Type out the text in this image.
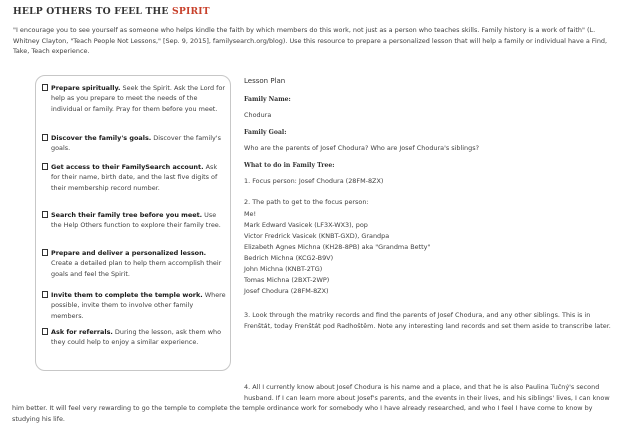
HELP OTHERS TO FEEL THE SPIRIT

"I encourage you to see yourself as someone who helps kindle the faith by which members do this work, not just as a person who teaches skills. Family history is a work of faith" (L. Whitney Clayton, "Teach People Not Lessons," [Sep. 9, 2015], familysearch.org/blog). Use this resource to prepare a personalized lesson that will help a family or individual have a Find, Take, Teach experience.

Prepare spiritually. Seek the Spirit. Ask the Lord for help as you prepare to meet the needs of the individual or family. Pray for them before you meet.
Discover the family's goals. Discover the family's goals.
Get access to their FamilySearch account. Ask for their name, birth date, and the last five digits of their membership record number.
Search their family tree before you meet. Use the Help Others function to explore their family tree.
Prepare and deliver a personalized lesson. Create a detailed plan to help them accomplish their goals and feel the Spirit.
Invite them to complete the temple work. Where possible, invite them to involve other family members.
Ask for referrals. During the lesson, ask them who they could help to enjoy a similar experience.
Lesson Plan
Family Name:
Chodura
Family Goal:
Who are the parents of Josef Chodura? Who are Josef Chodura's siblings?
What to do in Family Tree:
1. Focus person: Josef Chodura (28FM-8ZX)
2. The path to get to the focus person:
Me!
Mark Edward Vasicek (LF3X-WX3), pop
Victor Fredrick Vasicek (KNBT-GXD), Grandpa
Elizabeth Agnes Michna (KH28-8PB) aka "Grandma Betty"
Bedrich Michna (KCG2-B9V)
John Michna (KNBT-2TG)
Tomas Michna (2BXT-2WP)
Josef Chodura (28FM-8ZX)

3. Look through the matriky records and find the parents of Josef Chodura, and any other siblings. This is in Frenštát, today Frenštát pod Radhoštěm. Note any interesting land records and set them aside to transcribe later.

4. All I currently know about Josef Chodura is his name and a place, and that he is also Paulina Tučný's second husband. If I can learn more about Josef's parents, and the events in their lives, and his siblings' lives, I can know him better. It will feel very rewarding to go the temple to complete the temple ordinance work for somebody who I have already researched, and who I feel I have come to know by studying his life.
